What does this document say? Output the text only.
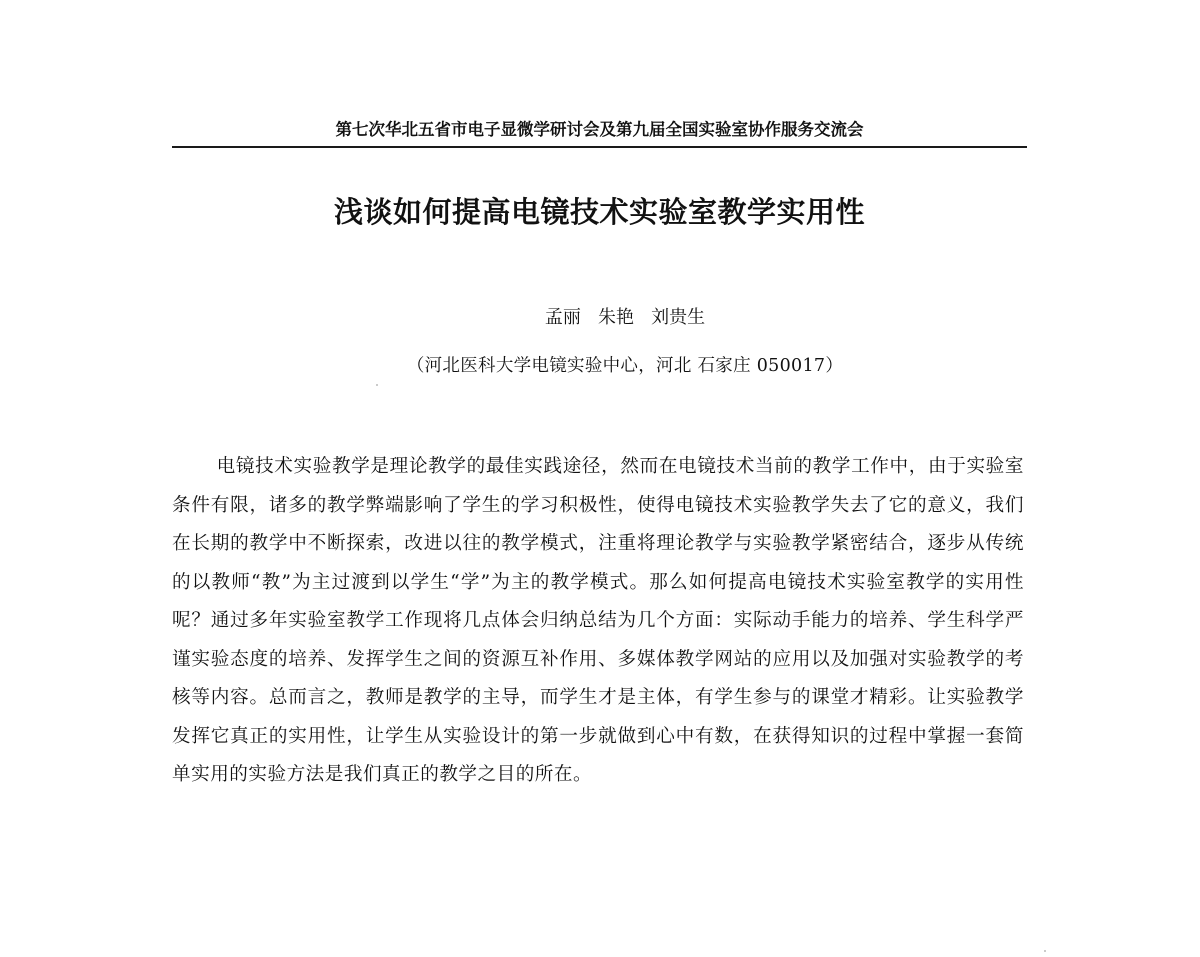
第七次华北五省市电子显微学研讨会及第九届全国实验室协作服务交流会
浅谈如何提高电镜技术实验室教学实用性
孟丽 朱艳 刘贵生
（河北医科大学电镜实验中心，河北 石家庄 050017）

电镜技术实验教学是理论教学的最佳实践途径，然而在电镜技术当前的教学工作中，由于实验室条件有限，诸多的教学弊端影响了学生的学习积极性，使得电镜技术实验教学失去了它的意义，我们在长期的教学中不断探索，改进以往的教学模式，注重将理论教学与实验教学紧密结合，逐步从传统的以教师“教”为主过渡到以学生“学”为主的教学模式。那么如何提高电镜技术实验室教学的实用性呢？通过多年实验室教学工作现将几点体会归纳总结为几个方面：实际动手能力的培养、学生科学严谨实验态度的培养、发挥学生之间的资源互补作用、多媒体教学网站的应用以及加强对实验教学的考核等内容。总而言之，教师是教学的主导，而学生才是主体，有学生参与的课堂才精彩。让实验教学发挥它真正的实用性，让学生从实验设计的第一步就做到心中有数，在获得知识的过程中掌握一套简单实用的实验方法是我们真正的教学之目的所在。
